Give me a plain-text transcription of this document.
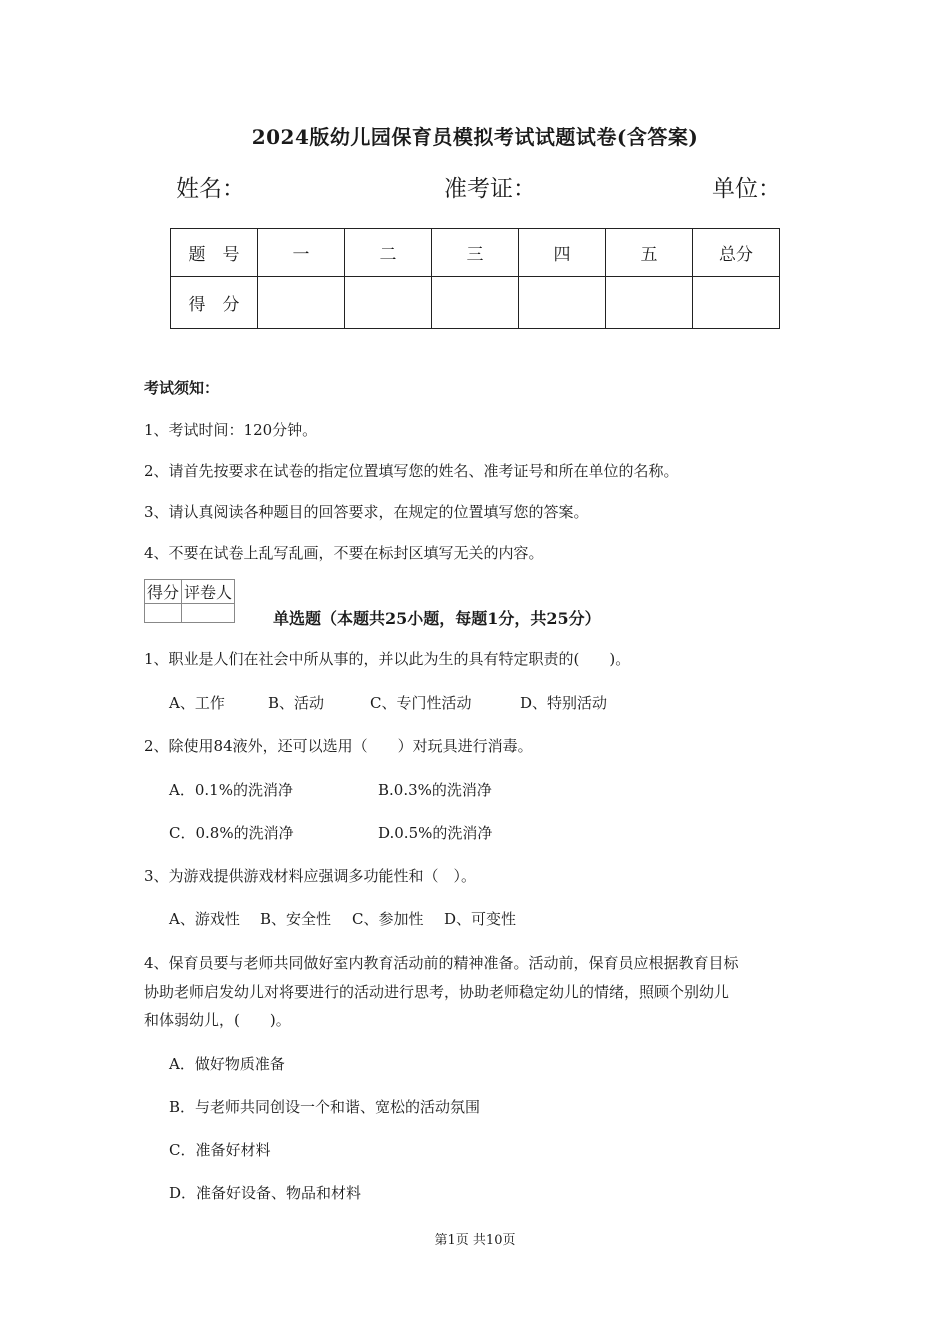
2024版幼儿园保育员模拟考试试题试卷(含答案)
姓名：	准考证：	单位：
题　号	一	二	三	四	五	总分
得　分						
考试须知：
1、考试时间：120分钟。
2、请首先按要求在试卷的指定位置填写您的姓名、准考证号和所在单位的名称。
3、请认真阅读各种题目的回答要求，在规定的位置填写您的答案。
4、不要在试卷上乱写乱画，不要在标封区填写无关的内容。
得分	评卷人

单选题（本题共25小题，每题1分，共25分）
1、职业是人们在社会中所从事的，并以此为生的具有特定职责的(　　)。
A、工作	B、活动	C、专门性活动	D、特别活动
2、除使用84液外，还可以选用（　　）对玩具进行消毒。
A．0.1%的洗消净	B.0.3%的洗消净
C．0.8%的洗消净	D.0.5%的洗消净
3、为游戏提供游戏材料应强调多功能性和（　）。
A、游戏性 B、安全性 C、参加性 D、可变性
4、保育员要与老师共同做好室内教育活动前的精神准备。活动前，保育员应根据教育目标
协助老师启发幼儿对将要进行的活动进行思考，协助老师稳定幼儿的情绪，照顾个别幼儿
和体弱幼儿，(　　)。
A．做好物质准备
B．与老师共同创设一个和谐、宽松的活动氛围
C．准备好材料
D．准备好设备、物品和材料
第1页 共10页
